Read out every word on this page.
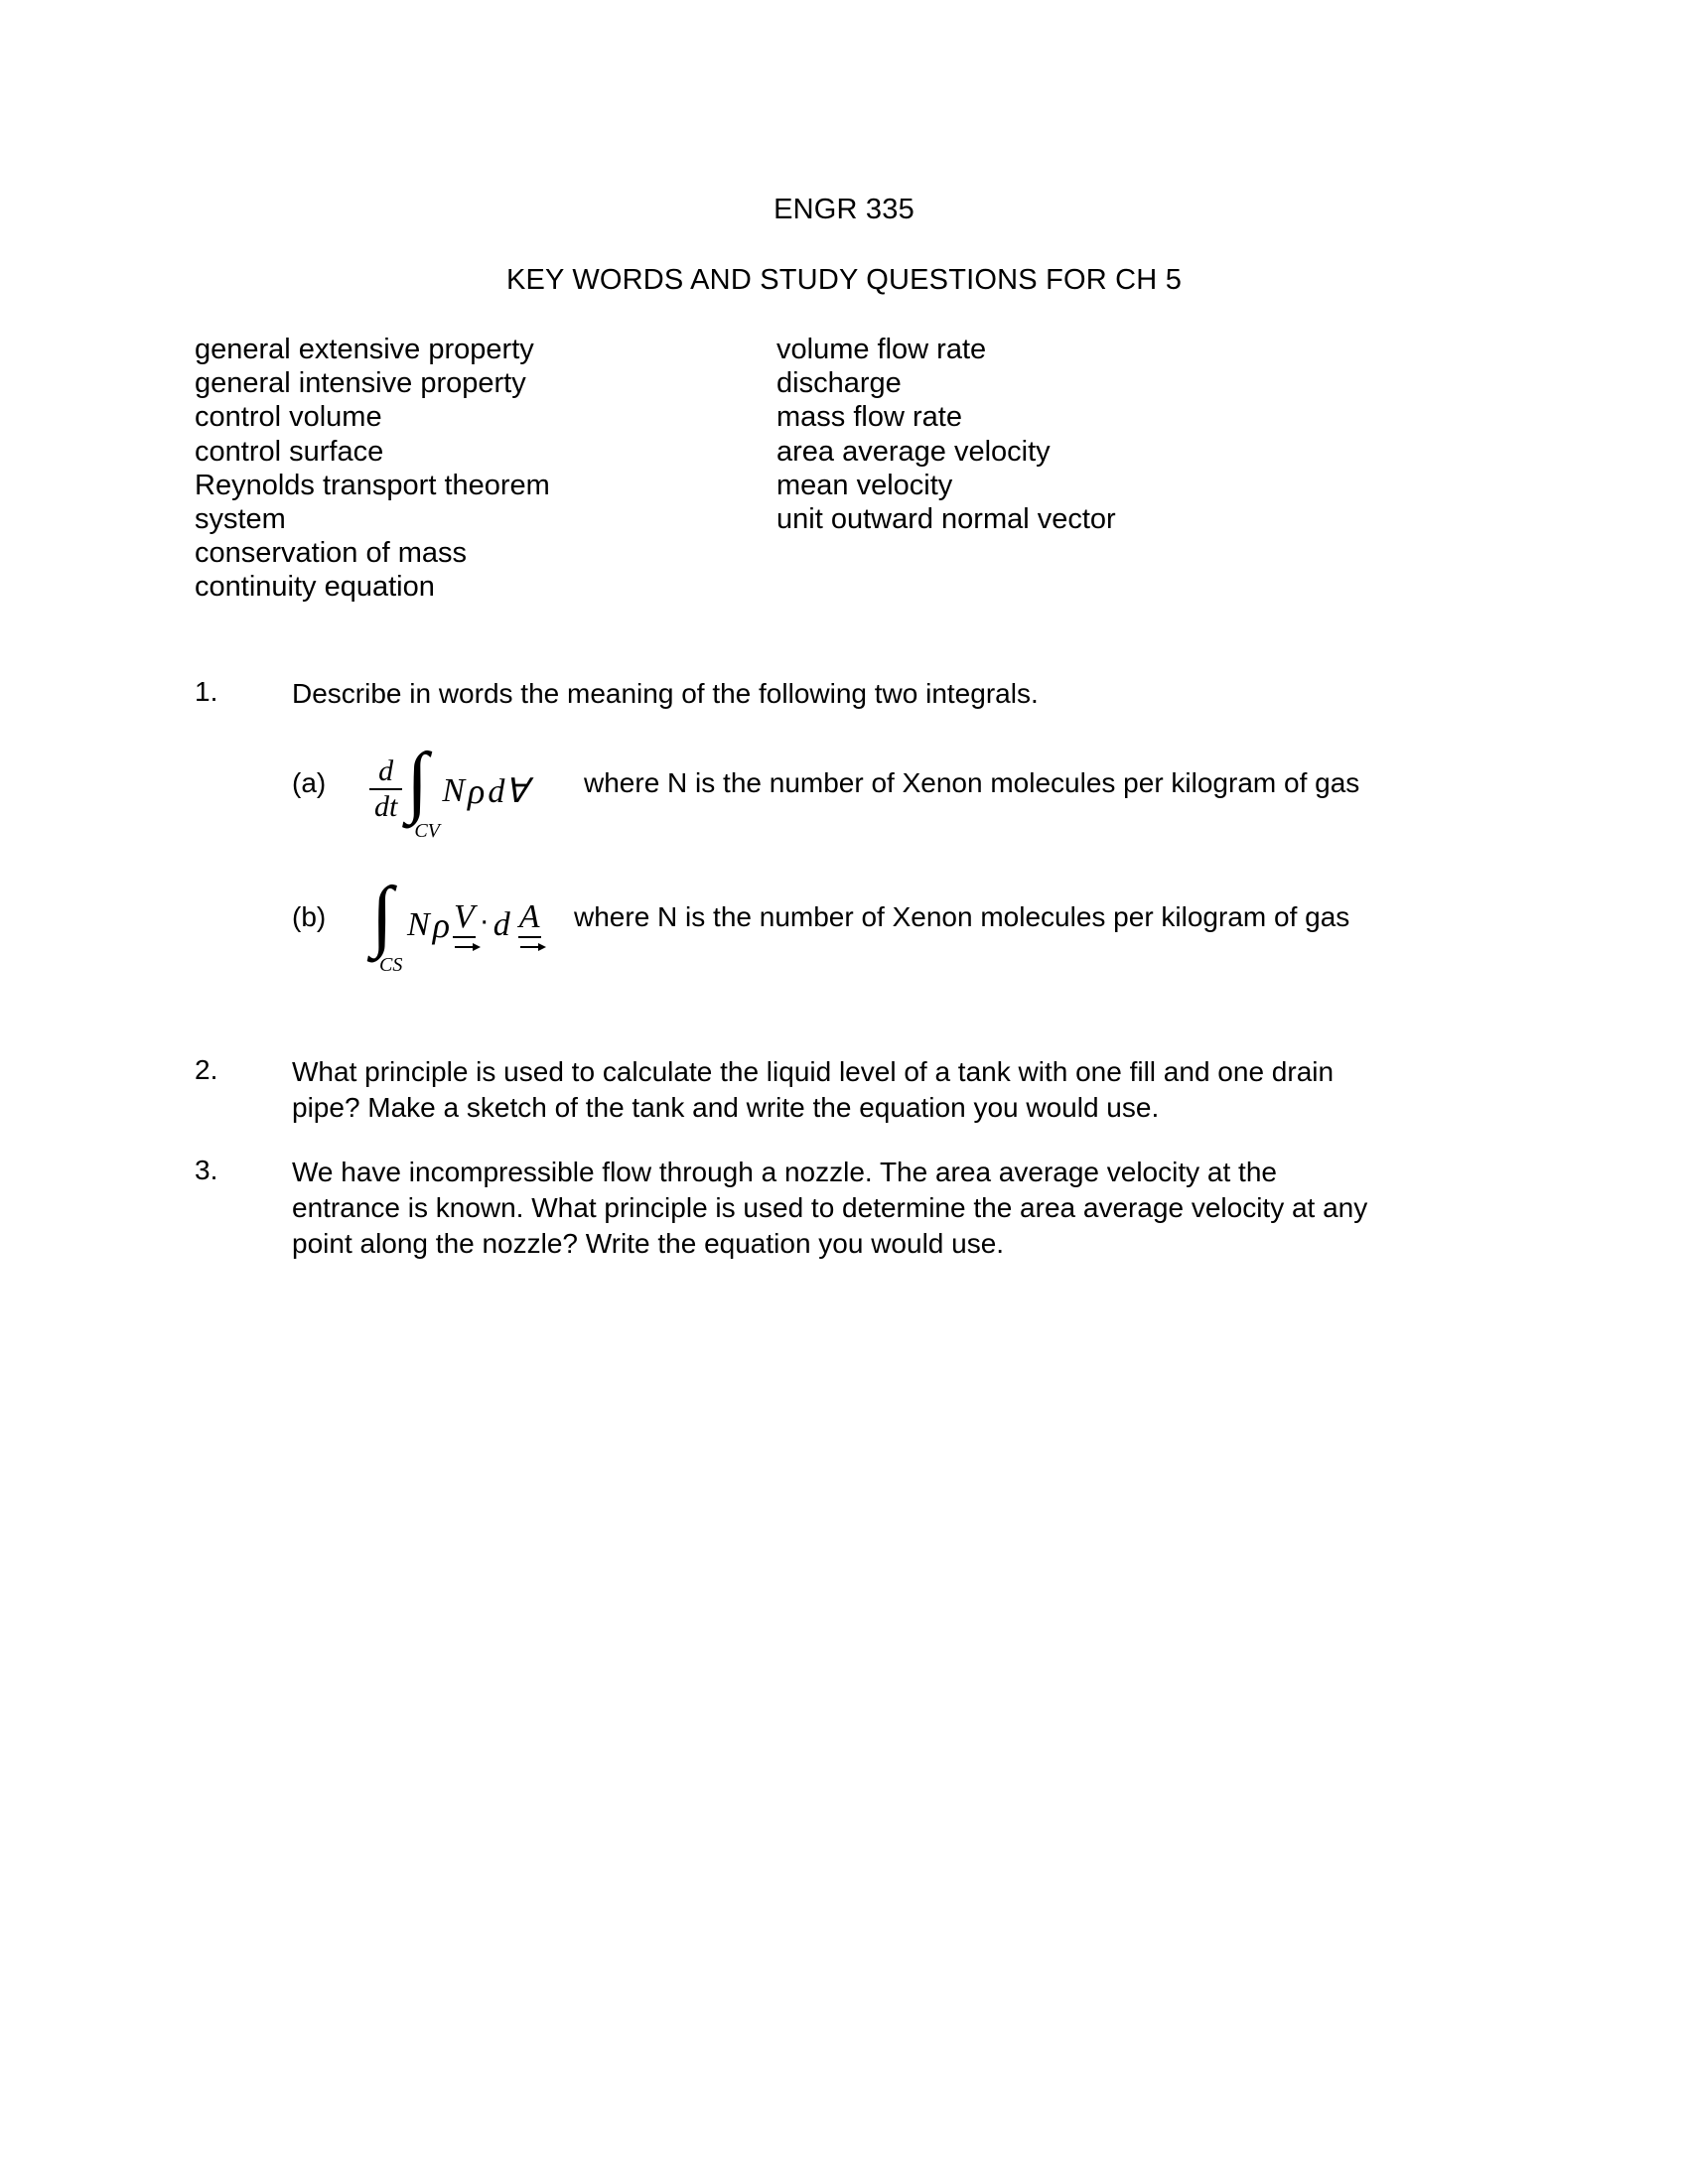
ENGR 335
KEY WORDS AND STUDY QUESTIONS FOR CH 5
general extensive property
general intensive property
control volume
control surface
Reynolds transport theorem
system
conservation of mass
continuity equation
volume flow rate
discharge
mass flow rate
area average velocity
mean velocity
unit outward normal vector
1.	Describe in words the meaning of the following two integrals.
$(a) \frac{d}{dt}$ ∫
CV
N ρ d∀ where N is the number of Xenon molecules per kilogram of gas
(b) ∫
CS
N ρ V · d A where N is the number of Xenon molecules per kilogram of gas
2.	What principle is used to calculate the liquid level of a tank with one fill and one drain
pipe? Make a sketch of the tank and write the equation you would use.
3.	We have incompressible flow through a nozzle. The area average velocity at the
entrance is known. What principle is used to determine the area average velocity at any
point along the nozzle? Write the equation you would use.
